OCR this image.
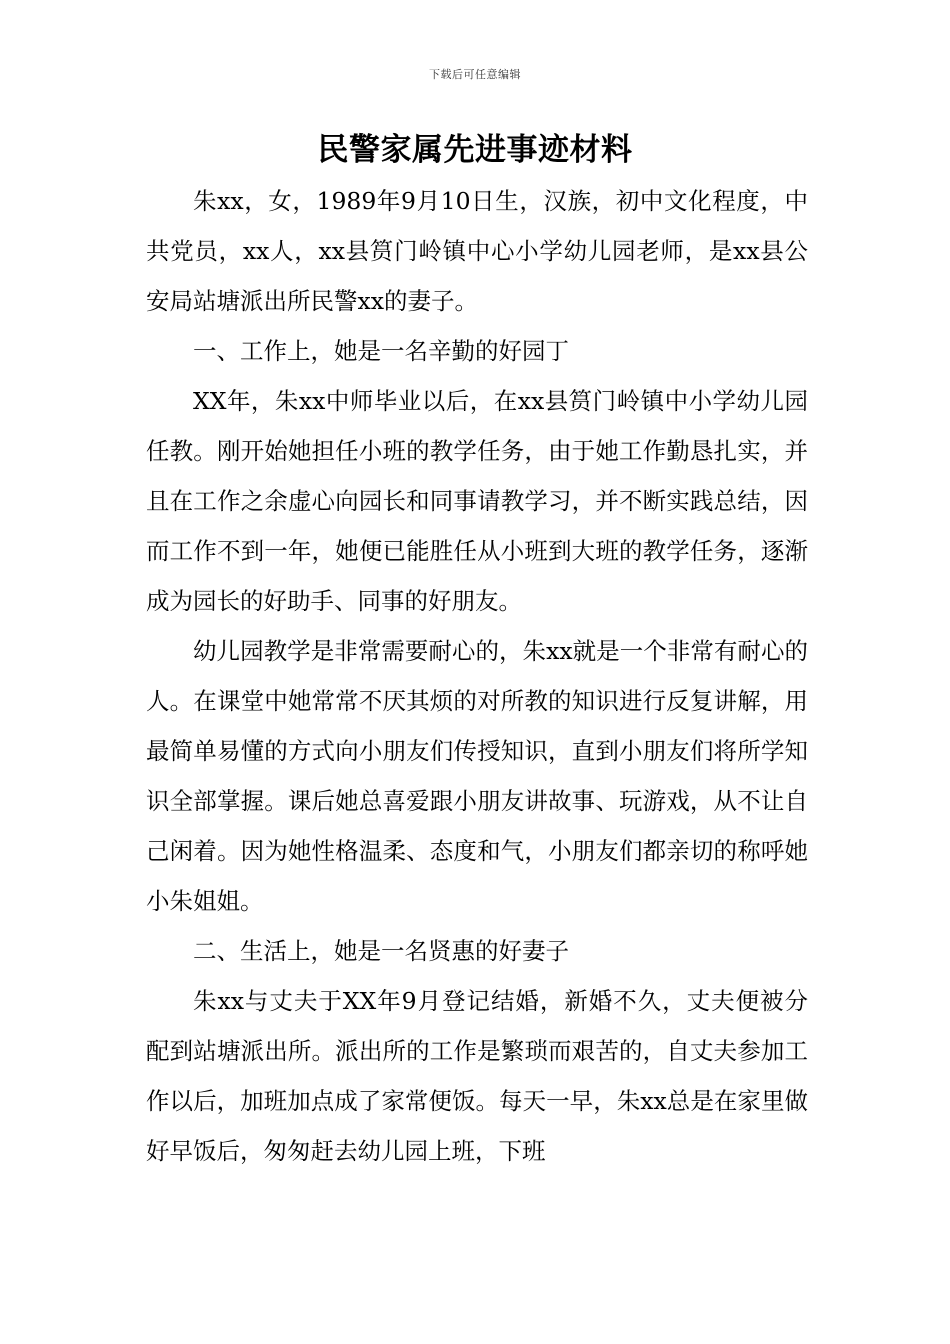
下载后可任意编辑
民警家属先进事迹材料

朱xx，女，1989年9月10日生，汉族，初中文化程度，中共党员，xx人，xx县筼门岭镇中心小学幼儿园老师，是xx县公安局站塘派出所民警xx的妻子。

一、工作上，她是一名辛勤的好园丁

XX年，朱xx中师毕业以后，在xx县筼门岭镇中小学幼儿园任教。刚开始她担任小班的教学任务，由于她工作勤恳扎实，并且在工作之余虚心向园长和同事请教学习，并不断实践总结，因而工作不到一年，她便已能胜任从小班到大班的教学任务，逐渐成为园长的好助手、同事的好朋友。

幼儿园教学是非常需要耐心的，朱xx就是一个非常有耐心的人。在课堂中她常常不厌其烦的对所教的知识进行反复讲解，用最简单易懂的方式向小朋友们传授知识，直到小朋友们将所学知识全部掌握。课后她总喜爱跟小朋友讲故事、玩游戏，从不让自己闲着。因为她性格温柔、态度和气，小朋友们都亲切的称呼她小朱姐姐。

二、生活上，她是一名贤惠的好妻子

朱xx与丈夫于XX年9月登记结婚，新婚不久，丈夫便被分配到站塘派出所。派出所的工作是繁琐而艰苦的，自丈夫参加工作以后，加班加点成了家常便饭。每天一早，朱xx总是在家里做好早饭后，匆匆赶去幼儿园上班，下班
